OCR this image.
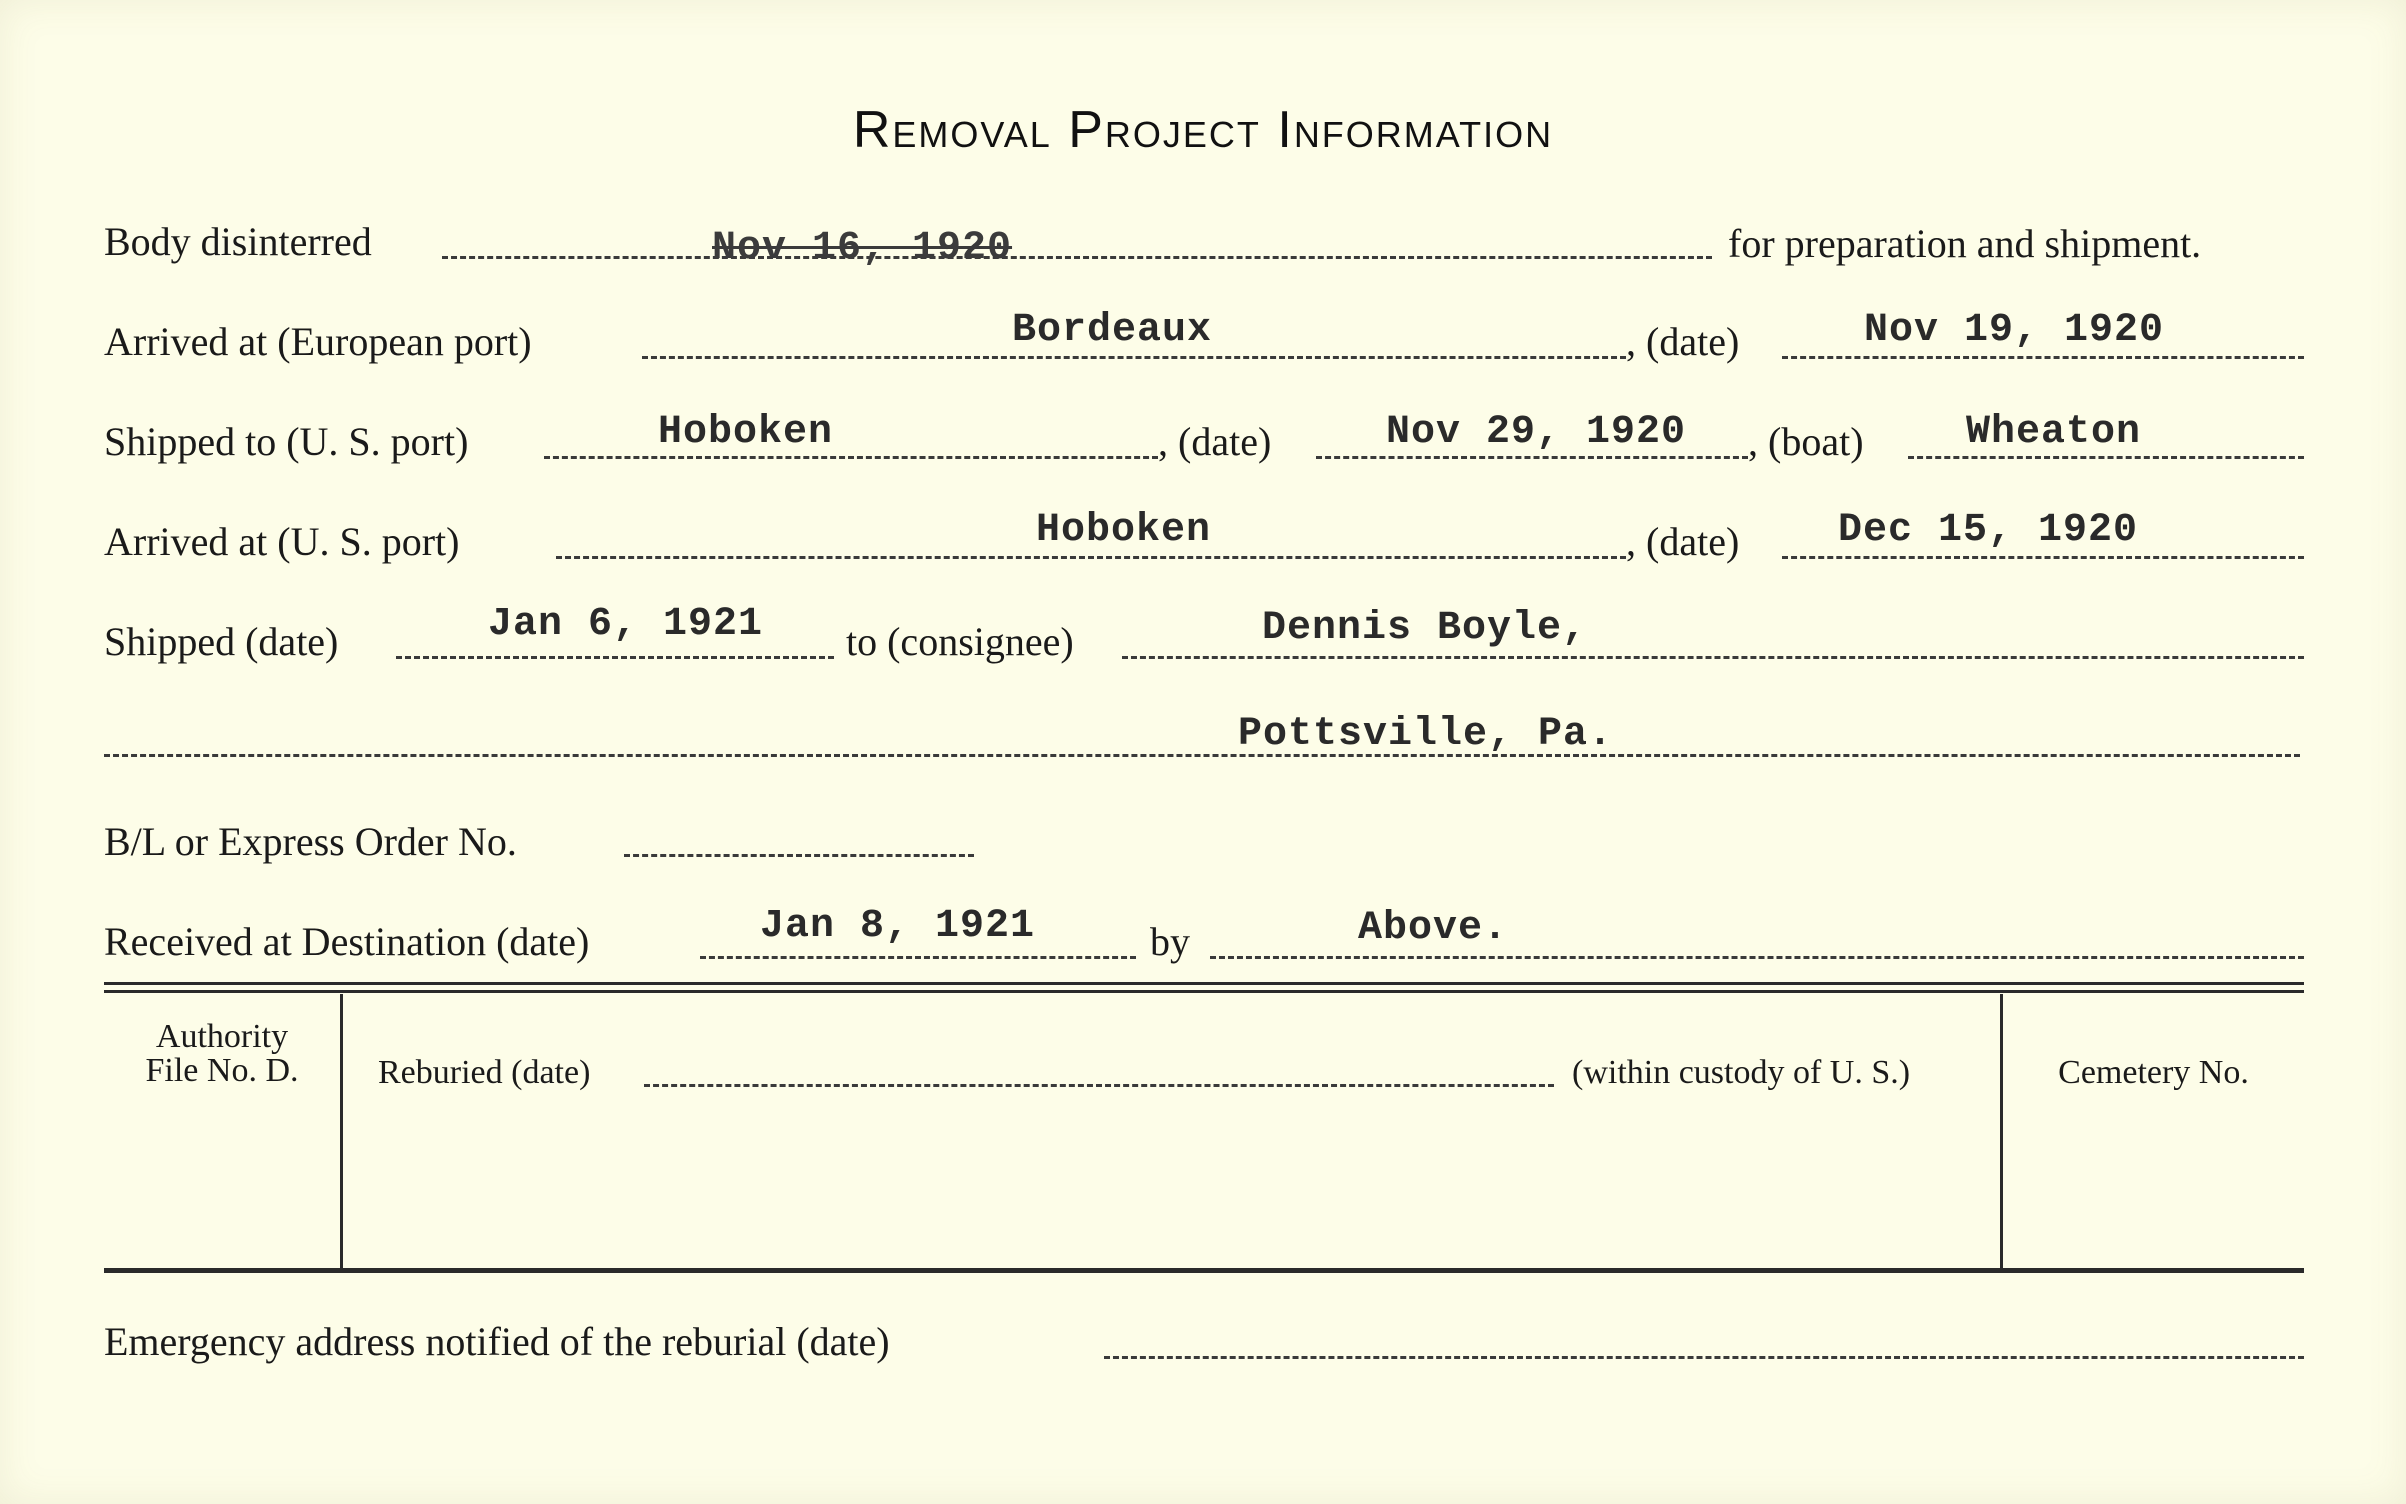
Removal Project Information
Body disinterred	Nov 16, 1920	for preparation and shipment.
Arrived at (European port)	Bordeaux	, (date)	Nov 19, 1920
Shipped to (U. S. port)	Hoboken	, (date)	Nov 29, 1920 , (boat)	Wheaton
Arrived at (U. S. port)	Hoboken	, (date) Dec 15, 1920
Shipped (date)	Jan 6, 1921 to (consignee)	Dennis Boyle,
Pottsville, Pa.
B/L or Express Order No.
Received at Destination (date)	Jan 8, 1921	by	Above.
Authority
File No. D.	Reburied (date)	(within custody of U. S.)	Cemetery No.
Emergency address notified of the reburial (date)
